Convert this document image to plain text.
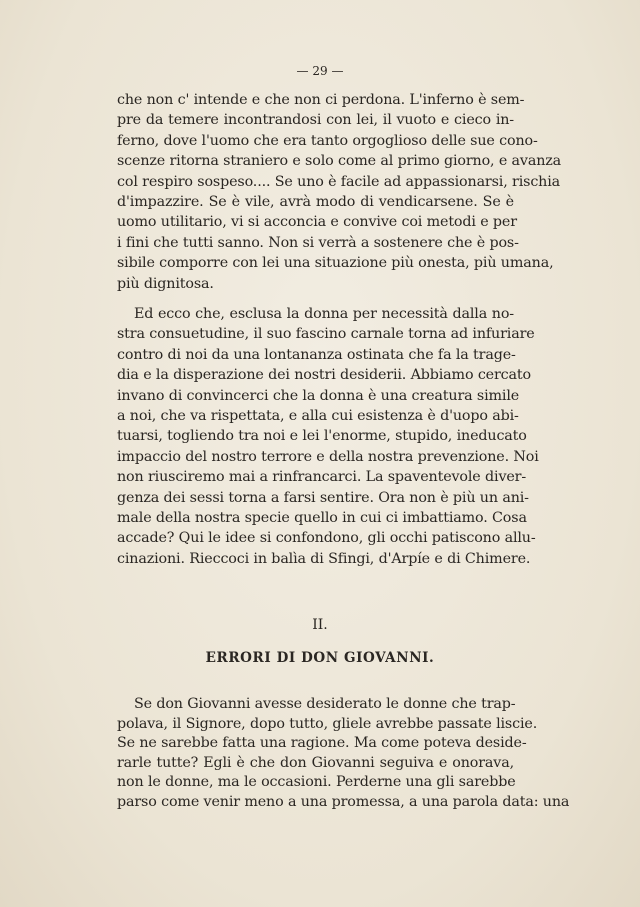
— 29 —
che non c' intende e che non ci perdona. L'inferno è sem-
pre da temere incontrandosi con lei, il vuoto e cieco in-
ferno, dove l'uomo che era tanto orgoglioso delle sue cono-
scenze ritorna straniero e solo come al primo giorno, e avanza
col respiro sospeso.... Se uno è facile ad appassionarsi, rischia
d'impazzire. Se è vile, avrà modo di vendicarsene. Se è
uomo utilitario, vi si acconcia e convive coi metodi e per
i fini che tutti sanno. Non si verrà a sostenere che è pos-
sibile comporre con lei una situazione più onesta, più umana,
più dignitosa.
Ed ecco che, esclusa la donna per necessità dalla no-
stra consuetudine, il suo fascino carnale torna ad infuriare
contro di noi da una lontananza ostinata che fa la trage-
dia e la disperazione dei nostri desiderii. Abbiamo cercato
invano di convincerci che la donna è una creatura simile
a noi, che va rispettata, e alla cui esistenza è d'uopo abi-
tuarsi, togliendo tra noi e lei l'enorme, stupido, ineducato
impaccio del nostro terrore e della nostra prevenzione. Noi
non riusciremo mai a rinfrancarci. La spaventevole diver-
genza dei sessi torna a farsi sentire. Ora non è più un ani-
male della nostra specie quello in cui ci imbattiamo. Cosa
accade? Qui le idee si confondono, gli occhi patiscono allu-
cinazioni. Rieccoci in balìa di Sfingi, d'Arpíe e di Chimere.
II.
ERRORI DI DON GIOVANNI.
Se don Giovanni avesse desiderato le donne che trap-
polava, il Signore, dopo tutto, gliele avrebbe passate liscie.
Se ne sarebbe fatta una ragione. Ma come poteva deside-
rarle tutte? Egli è che don Giovanni seguiva e onorava,
non le donne, ma le occasioni. Perderne una gli sarebbe
parso come venir meno a una promessa, a una parola data: una
